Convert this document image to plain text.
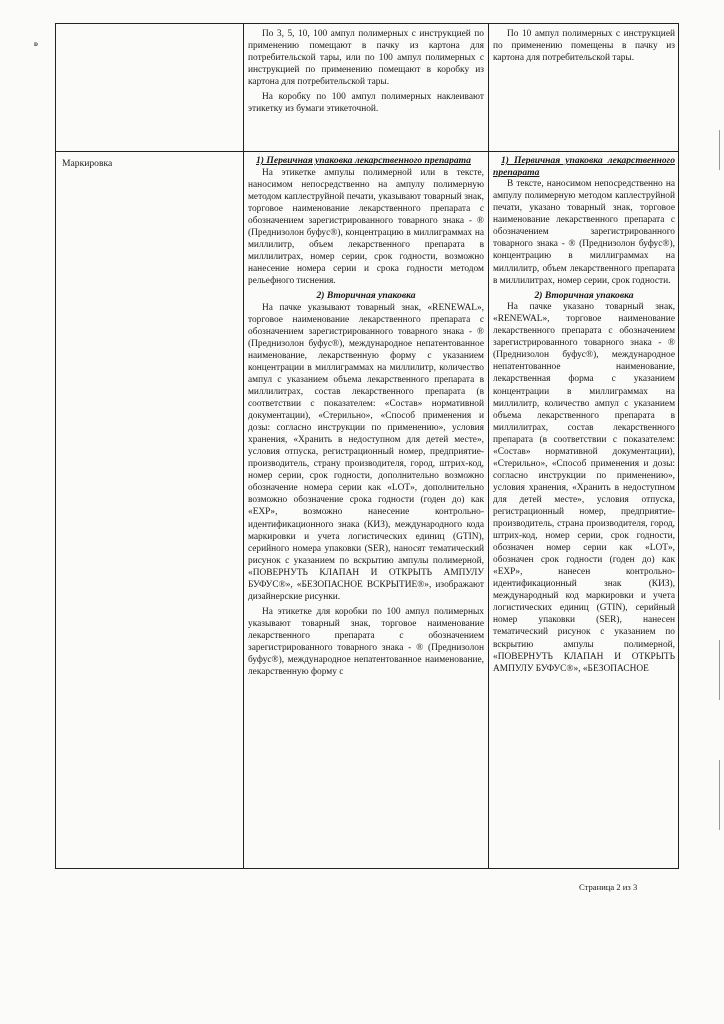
ᴆ

По 3, 5, 10, 100 ампул полимерных с инструкцией по применению помещают в пачку из картона для потребительской тары, или по 100 ампул полимерных с инструкцией по применению помещают в коробку из картона для потребительской тары.

На коробку по 100 ампул полимерных наклеивают этикетку из бумаги этикеточной.

По 10 ампул полимерных с инструкцией по применению помещены в пачку из картона для потребительской тары.

Маркировка	1) Первичная упаковка лекарственного препарата

На этикетке ампулы полимерной или в тексте, наносимом непосредственно на ампулу полимерную методом каплеструйной печати, указывают товарный знак, торговое наименование лекарственного препарата с обозначением зарегистрированного товарного знака - ® (Преднизолон буфус®), концентрацию в миллиграммах на миллилитр, объем лекарственного препарата в миллилитрах, номер серии, срок годности, возможно нанесение номера серии и срока годности методом рельефного тиснения.

2) Вторичная упаковка

На пачке указывают товарный знак, «RENEWAL», торговое наименование лекарственного препарата с обозначением зарегистрированного товарного знака - ® (Преднизолон буфус®), международное непатентованное наименование, лекарственную форму с указанием концентрации в миллиграммах на миллилитр, количество ампул с указанием объема лекарственного препарата в миллилитрах, состав лекарственного препарата (в соответствии с показателем: «Состав» нормативной документации), «Стерильно», «Способ применения и дозы: согласно инструкции по применению», условия хранения, «Хранить в недоступном для детей месте», условия отпуска, регистрационный номер, предприятие-производитель, страну производителя, город, штрих-код, номер серии, срок годности, дополнительно возможно обозначение номера серии как «LOT», дополнительно возможно обозначение срока годности (годен до) как «EXP», возможно нанесение контрольно-идентификационного знака (КИЗ), международного кода маркировки и учета логистических единиц (GTIN), серийного номера упаковки (SER), наносят тематический рисунок с указанием по вскрытию ампулы полимерной, «ПОВЕРНУТЬ КЛАПАН И ОТКРЫТЬ АМПУЛУ БУФУС®», «БЕЗОПАСНОЕ ВСКРЫТИЕ®», изображают дизайнерские рисунки.

На этикетке для коробки по 100 ампул полимерных указывают товарный знак, торговое наименование лекарственного препарата с обозначением зарегистрированного товарного знака - ® (Преднизолон буфус®), международное непатентованное наименование, лекарственную форму с

1) Первичная упаковка лекарственного препарата

В тексте, наносимом непосредственно на ампулу полимерную методом каплеструйной печати, указано товарный знак, торговое наименование лекарственного препарата с обозначением зарегистрированного товарного знака - ® (Преднизолон буфус®), концентрацию в миллиграммах на миллилитр, объем лекарственного препарата в миллилитрах, номер серии, срок годности.

2) Вторичная упаковка

На пачке указано товарный знак, «RENEWAL», торговое наименование лекарственного препарата с обозначением зарегистрированного товарного знака - ® (Преднизолон буфус®), международное непатентованное наименование, лекарственная форма с указанием концентрации в миллиграммах на миллилитр, количество ампул с указанием объема лекарственного препарата в миллилитрах, состав лекарственного препарата (в соответствии с показателем: «Состав» нормативной документации), «Стерильно», «Способ применения и дозы: согласно инструкции по применению», условия хранения, «Хранить в недоступном для детей месте», условия отпуска, регистрационный номер, предприятие-производитель, страна производителя, город, штрих-код, номер серии, срок годности, обозначен номер серии как «LOT», обозначен срок годности (годен до) как «EXP», нанесен контрольно-идентификационный знак (КИЗ), международный код маркировки и учета логистических единиц (GTIN), серийный номер упаковки (SER), нанесен тематический рисунок с указанием по вскрытию ампулы полимерной, «ПОВЕРНУТЬ КЛАПАН И ОТКРЫТЬ АМПУЛУ БУФУС®», «БЕЗОПАСНОЕ

Страница 2 из 3
